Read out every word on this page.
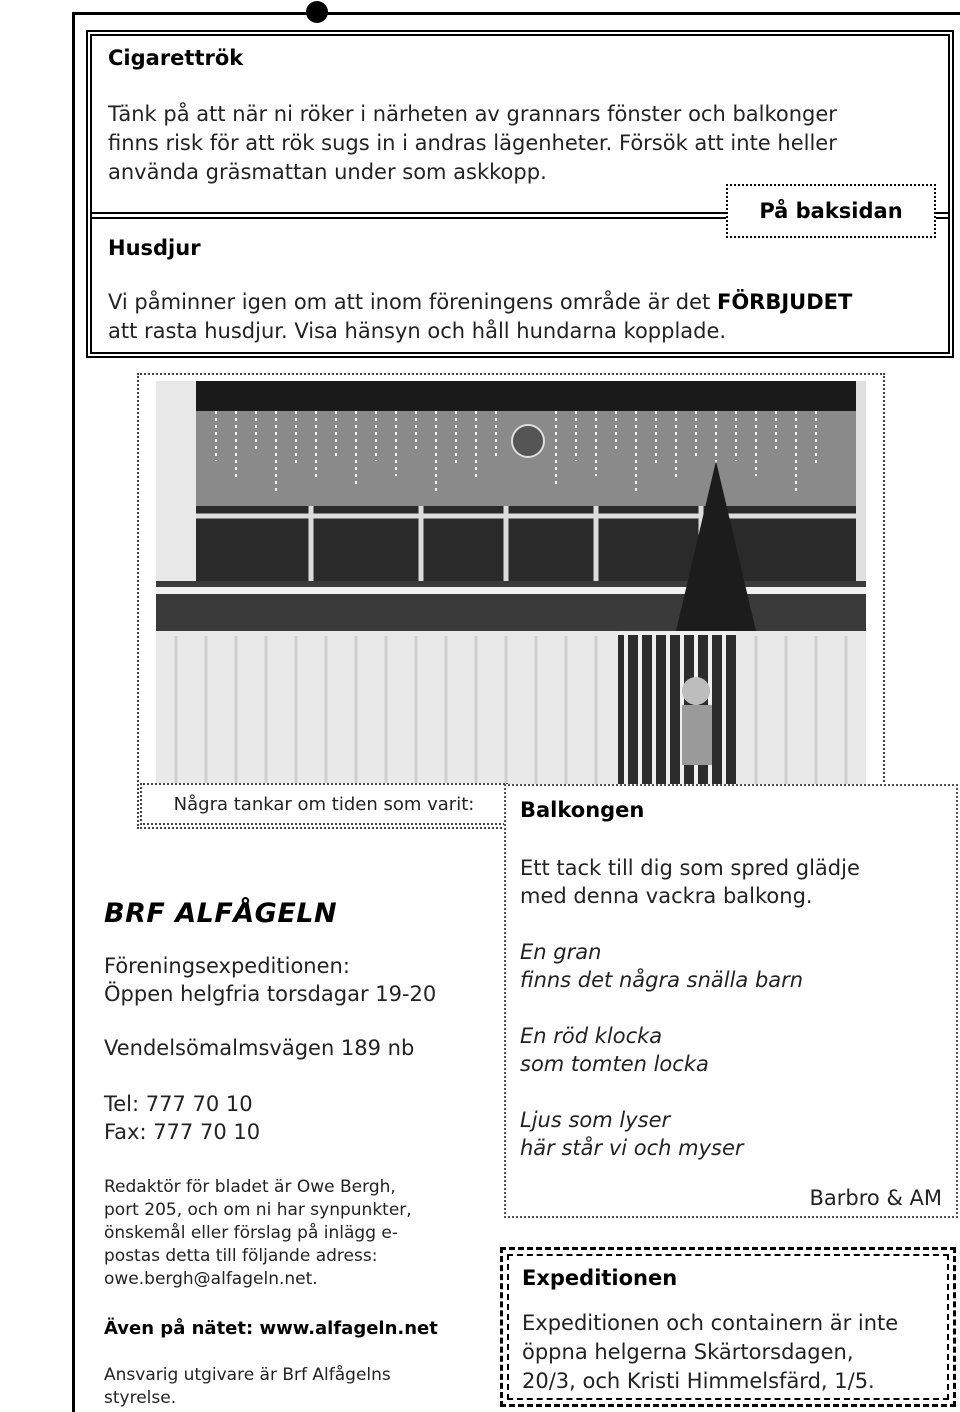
Cigarettrök
Tänk på att när ni röker i närheten av grannars fönster och balkonger
finns risk för att rök sugs in i andras lägenheter. Försök att inte heller
använda gräsmattan under som askkopp.
Husdjur
Vi påminner igen om att inom föreningens område är det FÖRBJUDET
att rasta husdjur. Visa hänsyn och håll hundarna kopplade.
På baksidan
Några tankar om tiden som varit:	Balkongen
Ett tack till dig som spred glädje
med denna vackra balkong.
En gran
finns det några snälla barn
En röd klocka
som tomten locka
Ljus som lyser
här står vi och myser
Barbro & AM
BRF ALFÅGELN
Föreningsexpeditionen:
Öppen helgfria torsdagar 19-20
Vendelsömalmsvägen 189 nb
Tel: 777 70 10
Fax: 777 70 10
Redaktör för bladet är Owe Bergh,
port 205, och om ni har synpunkter,
önskemål eller förslag på inlägg e-
postas detta till följande adress:
owe.bergh@alfageln.net.
Även på nätet: www.alfageln.net
Ansvarig utgivare är Brf Alfågelns
styrelse.
Expeditionen
Expeditionen och containern är inte
öppna helgerna Skärtorsdagen,
20/3, och Kristi Himmelsfärd, 1/5.
